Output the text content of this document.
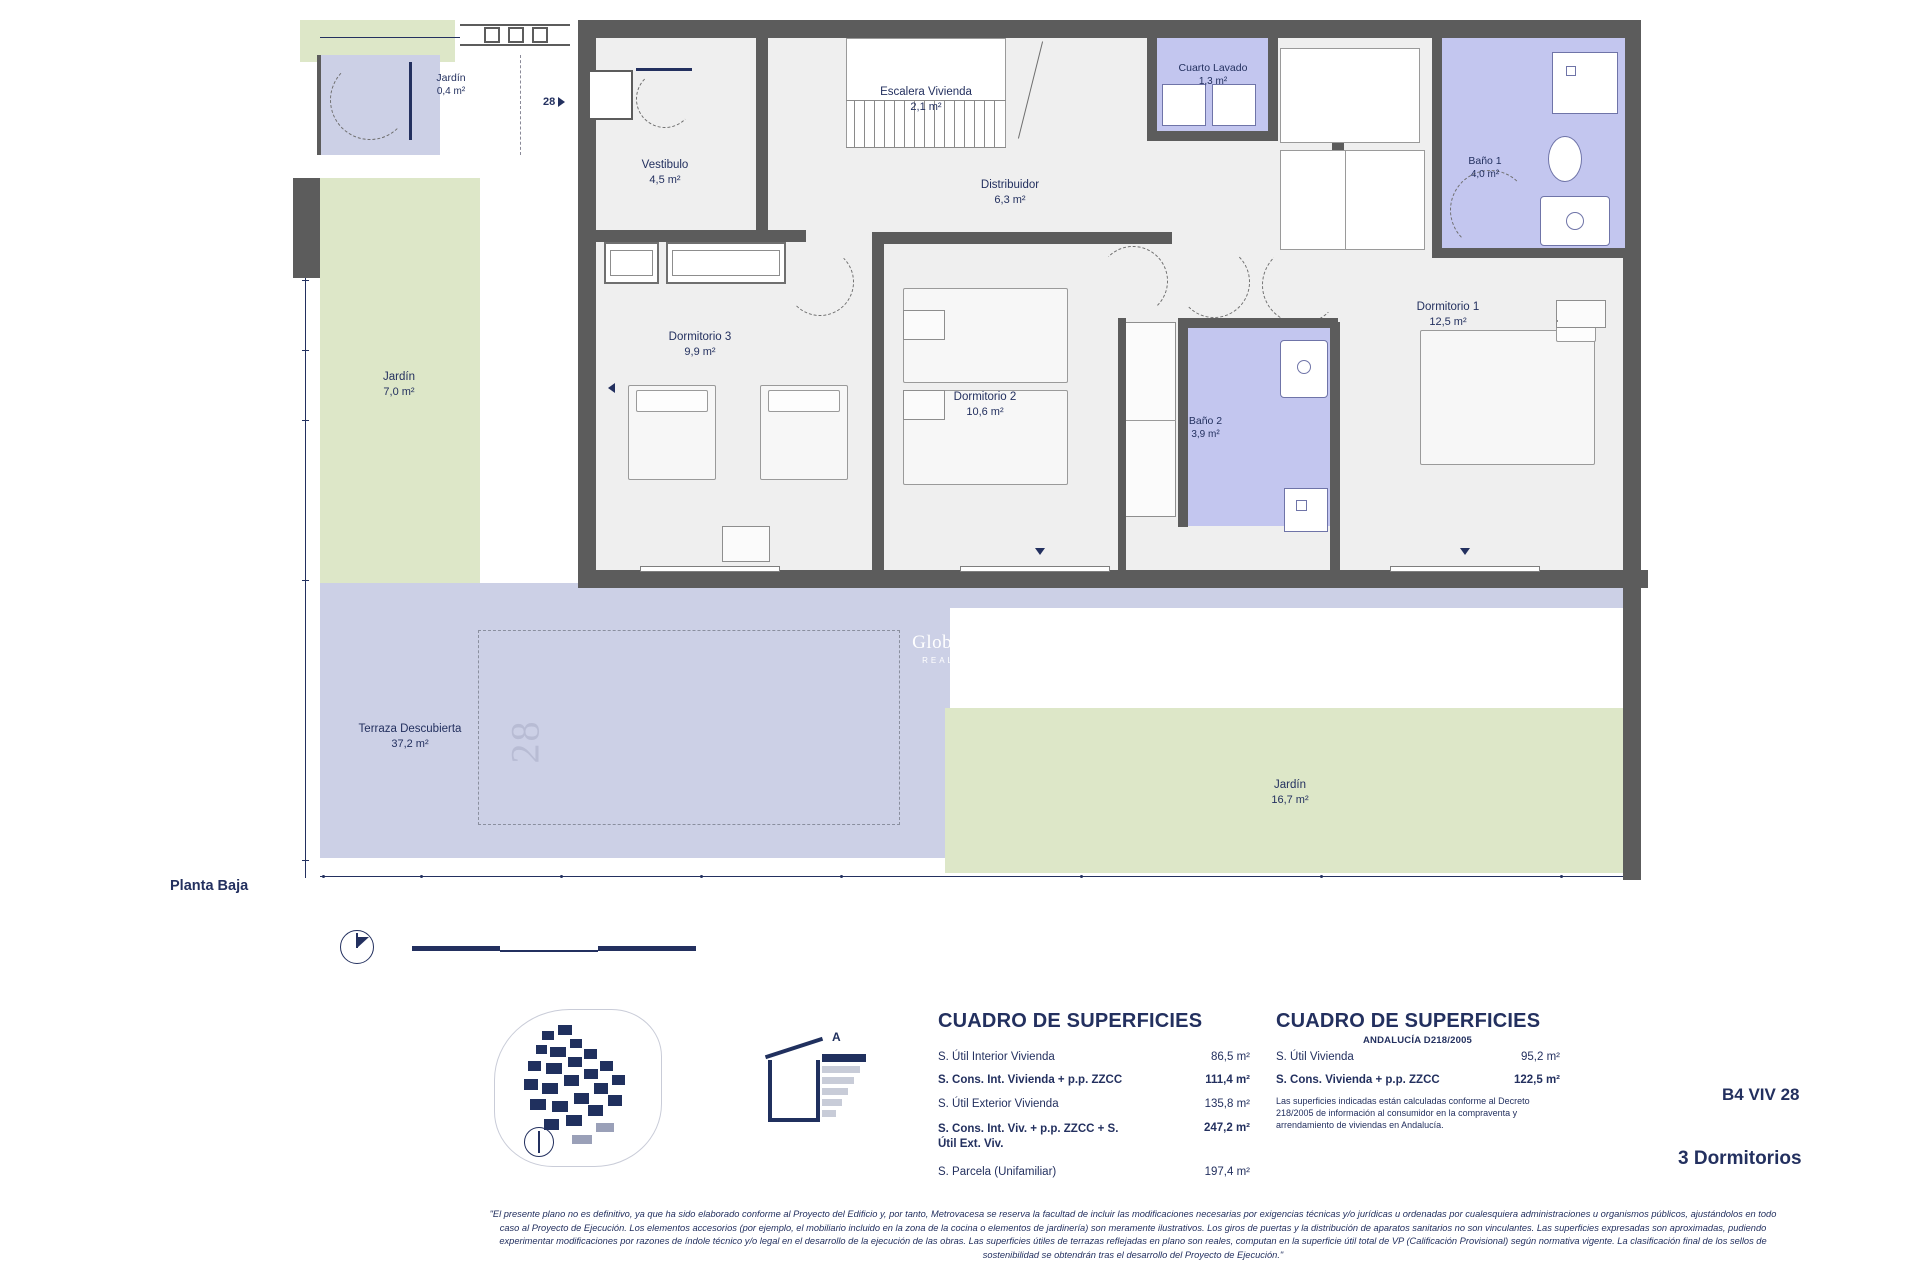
28
Jardín
0,4 m²
Jardín
7,0 m²
Vestibulo
4,5 m²
Escalera Vivienda
2,1 m²
Cuarto Lavado
1,3 m²
Distribuidor
6,3 m²
Baño 1
4,0 m²
Dormitorio 1
12,5 m²
Dormitorio 3
9,9 m²
Dormitorio 2
10,6 m²
Baño 2
3,9 m²
Terraza Descubierta
37,2 m²
Jardín
16,7 m²
28
Global Spain
REAL ESTATE
Planta Baja
A
CUADRO DE SUPERFICIES
S. Útil Interior Vivienda	86,5 m²
S. Cons. Int. Vivienda + p.p. ZZCC	111,4 m²
S. Útil Exterior Vivienda	135,8 m²
S. Cons. Int. Viv. + p.p. ZZCC + S. Útil Ext. Viv.
247,2 m²
S. Parcela (Unifamiliar)	197,4 m²
CUADRO DE SUPERFICIES
ANDALUCÍA D218/2005
S. Útil Vivienda	95,2 m²
S. Cons. Vivienda + p.p. ZZCC	122,5 m²
Las superficies indicadas están calculadas conforme al Decreto 218/2005 de información al consumidor en la compraventa y arrendamiento de viviendas en Andalucía.
B4 VIV 28
3 Dormitorios
"El presente plano no es definitivo, ya que ha sido elaborado conforme al Proyecto del Edificio y, por tanto, Metrovacesa se reserva la facultad de incluir las modificaciones necesarias por exigencias técnicas y/o jurídicas u ordenadas por cualesquiera administraciones u organismos públicos, ajustándolos en todo caso al Proyecto de Ejecución. Los elementos accesorios (por ejemplo, el mobiliario incluido en la zona de la cocina o elementos de jardinería) son meramente ilustrativos. Los giros de puertas y la distribución de aparatos sanitarios no son vinculantes. Las superficies expresadas son aproximadas, pudiendo experimentar modificaciones por razones de índole técnico y/o legal en el desarrollo de la ejecución de las obras. Las superficies útiles de terrazas reflejadas en plano son reales, computan en la superficie útil total de VP (Calificación Provisional) según normativa vigente. La clasificación final de los sellos de sostenibilidad se obtendrán tras el desarrollo del Proyecto de Ejecución."
